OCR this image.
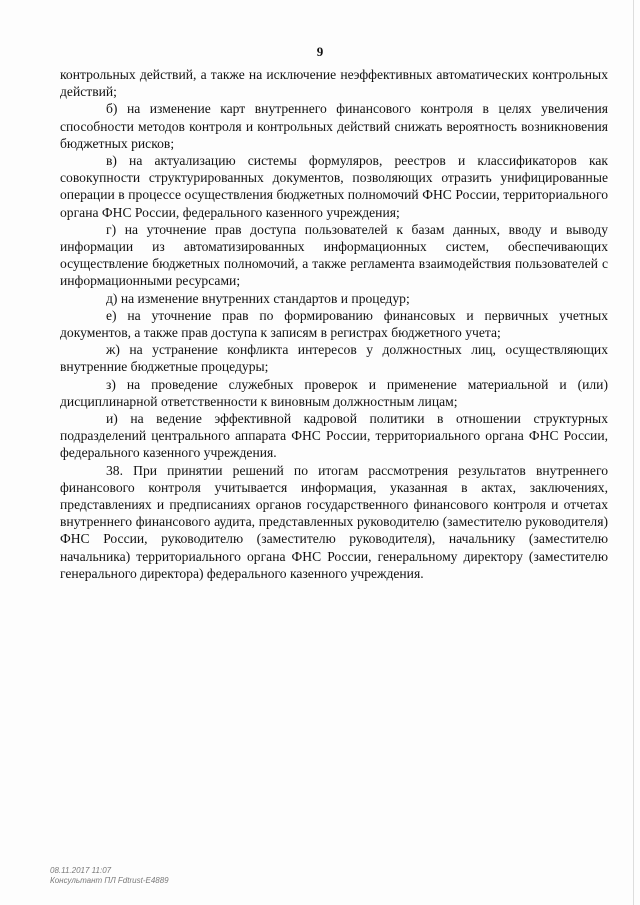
9

контрольных действий, а также на исключение неэффективных автоматических контрольных действий;

б) на изменение карт внутреннего финансового контроля в целях увеличения способности методов контроля и контрольных действий снижать вероятность возникновения бюджетных рисков;

в) на актуализацию системы формуляров, реестров и классификаторов как совокупности структурированных документов, позволяющих отразить унифицированные операции в процессе осуществления бюджетных полномочий ФНС России, территориального органа ФНС России, федерального казенного учреждения;

г) на уточнение прав доступа пользователей к базам данных, вводу и выводу информации из автоматизированных информационных систем, обеспечивающих осуществление бюджетных полномочий, а также регламента взаимодействия пользователей с информационными ресурсами;

д) на изменение внутренних стандартов и процедур;

е) на уточнение прав по формированию финансовых и первичных учетных документов, а также прав доступа к записям в регистрах бюджетного учета;

ж) на устранение конфликта интересов у должностных лиц, осуществляющих внутренние бюджетные процедуры;

з) на проведение служебных проверок и применение материальной и (или) дисциплинарной ответственности к виновным должностным лицам;

и) на ведение эффективной кадровой политики в отношении структурных подразделений центрального аппарата ФНС России, территориального органа ФНС России, федерального казенного учреждения.

38. При принятии решений по итогам рассмотрения результатов внутреннего финансового контроля учитывается информация, указанная в актах, заключениях, представлениях и предписаниях органов государственного финансового контроля и отчетах внутреннего финансового аудита, представленных руководителю (заместителю руководителя) ФНС России, руководителю (заместителю руководителя), начальнику (заместителю начальника) территориального органа ФНС России, генеральному директору (заместителю генерального директора) федерального казенного учреждения.

08.11.2017 11:07
Консультант ПЛ Fdtrust-E4889
